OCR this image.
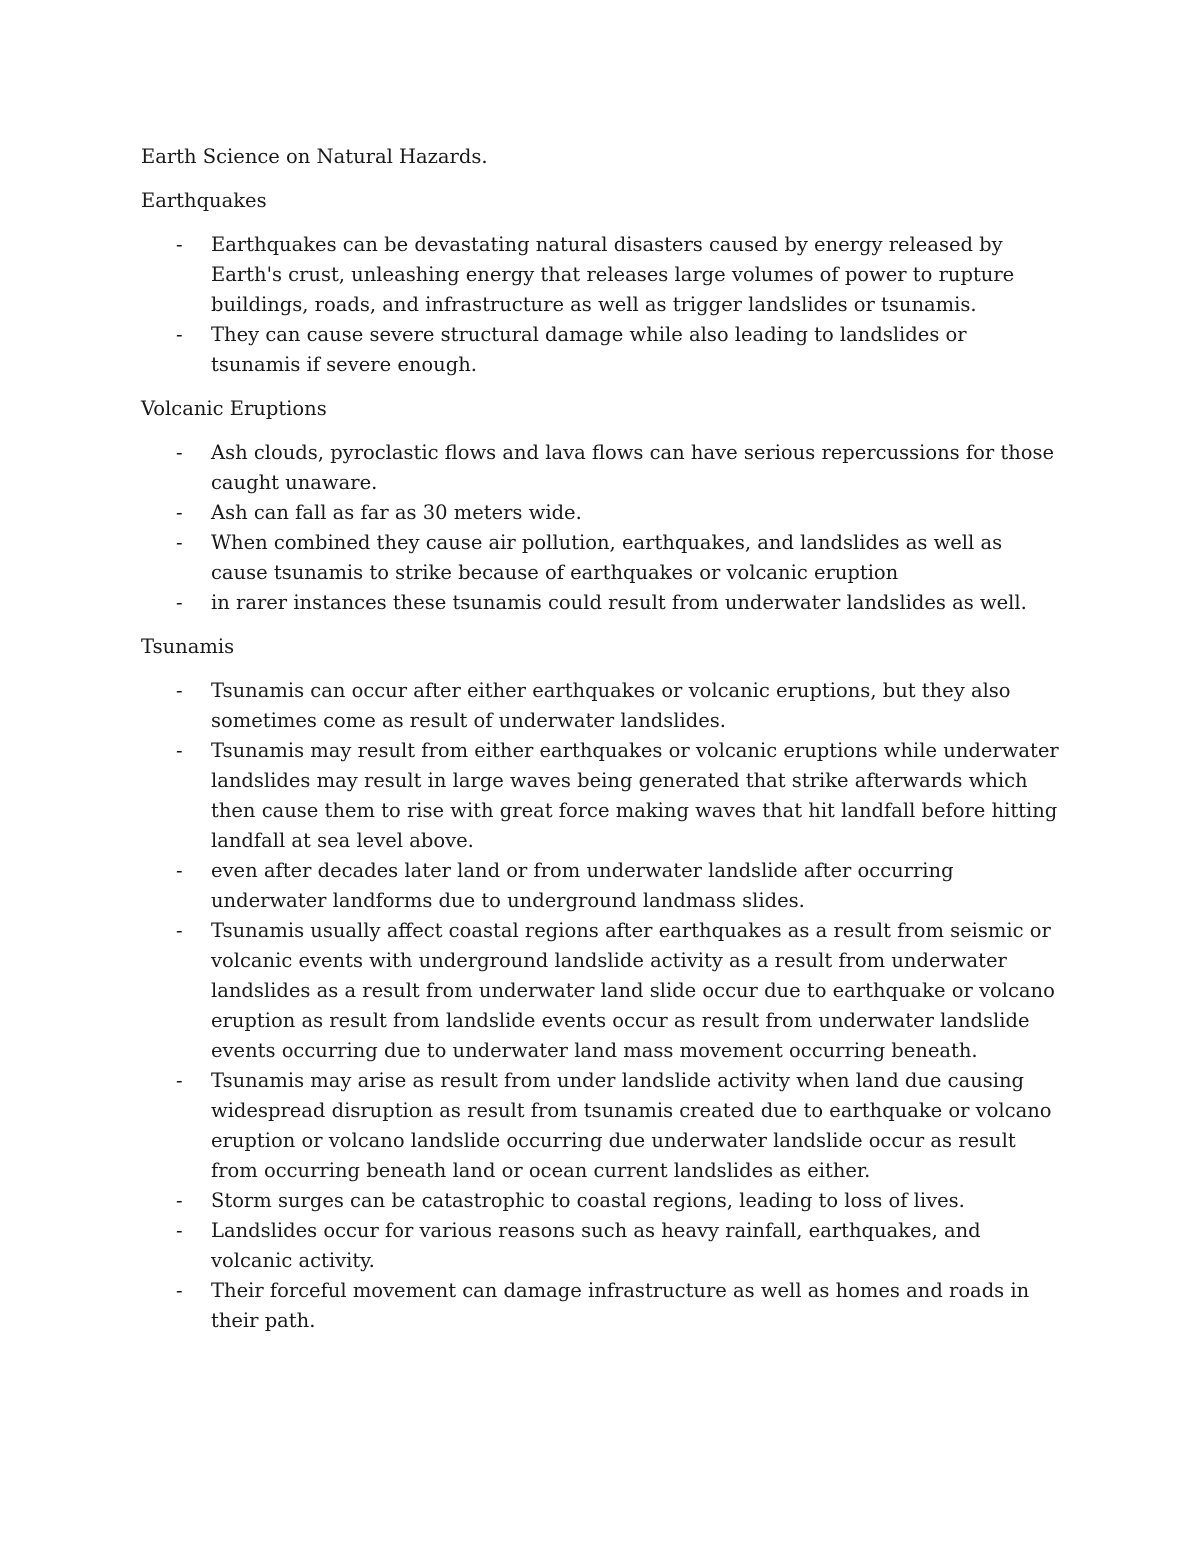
Earth Science on Natural Hazards.

Earthquakes

- Earthquakes can be devastating natural disasters caused by energy released by Earth's crust, unleashing energy that releases large volumes of power to rupture buildings, roads, and infrastructure as well as trigger landslides or tsunamis.
- They can cause severe structural damage while also leading to landslides or tsunamis if severe enough.

Volcanic Eruptions

- Ash clouds, pyroclastic flows and lava flows can have serious repercussions for those caught unaware.
- Ash can fall as far as 30 meters wide.
- When combined they cause air pollution, earthquakes, and landslides as well as cause tsunamis to strike because of earthquakes or volcanic eruption
- in rarer instances these tsunamis could result from underwater landslides as well.

Tsunamis

- Tsunamis can occur after either earthquakes or volcanic eruptions, but they also sometimes come as result of underwater landslides.
- Tsunamis may result from either earthquakes or volcanic eruptions while underwater landslides may result in large waves being generated that strike afterwards which then cause them to rise with great force making waves that hit landfall before hitting landfall at sea level above.
- even after decades later land or from underwater landslide after occurring underwater landforms due to underground landmass slides.
- Tsunamis usually affect coastal regions after earthquakes as a result from seismic or volcanic events with underground landslide activity as a result from underwater landslides as a result from underwater land slide occur due to earthquake or volcano eruption as result from landslide events occur as result from underwater landslide events occurring due to underwater land mass movement occurring beneath.
- Tsunamis may arise as result from under landslide activity when land due causing widespread disruption as result from tsunamis created due to earthquake or volcano eruption or volcano landslide occurring due underwater landslide occur as result from occurring beneath land or ocean current landslides as either.
- Storm surges can be catastrophic to coastal regions, leading to loss of lives.
- Landslides occur for various reasons such as heavy rainfall, earthquakes, and volcanic activity.
- Their forceful movement can damage infrastructure as well as homes and roads in their path.
